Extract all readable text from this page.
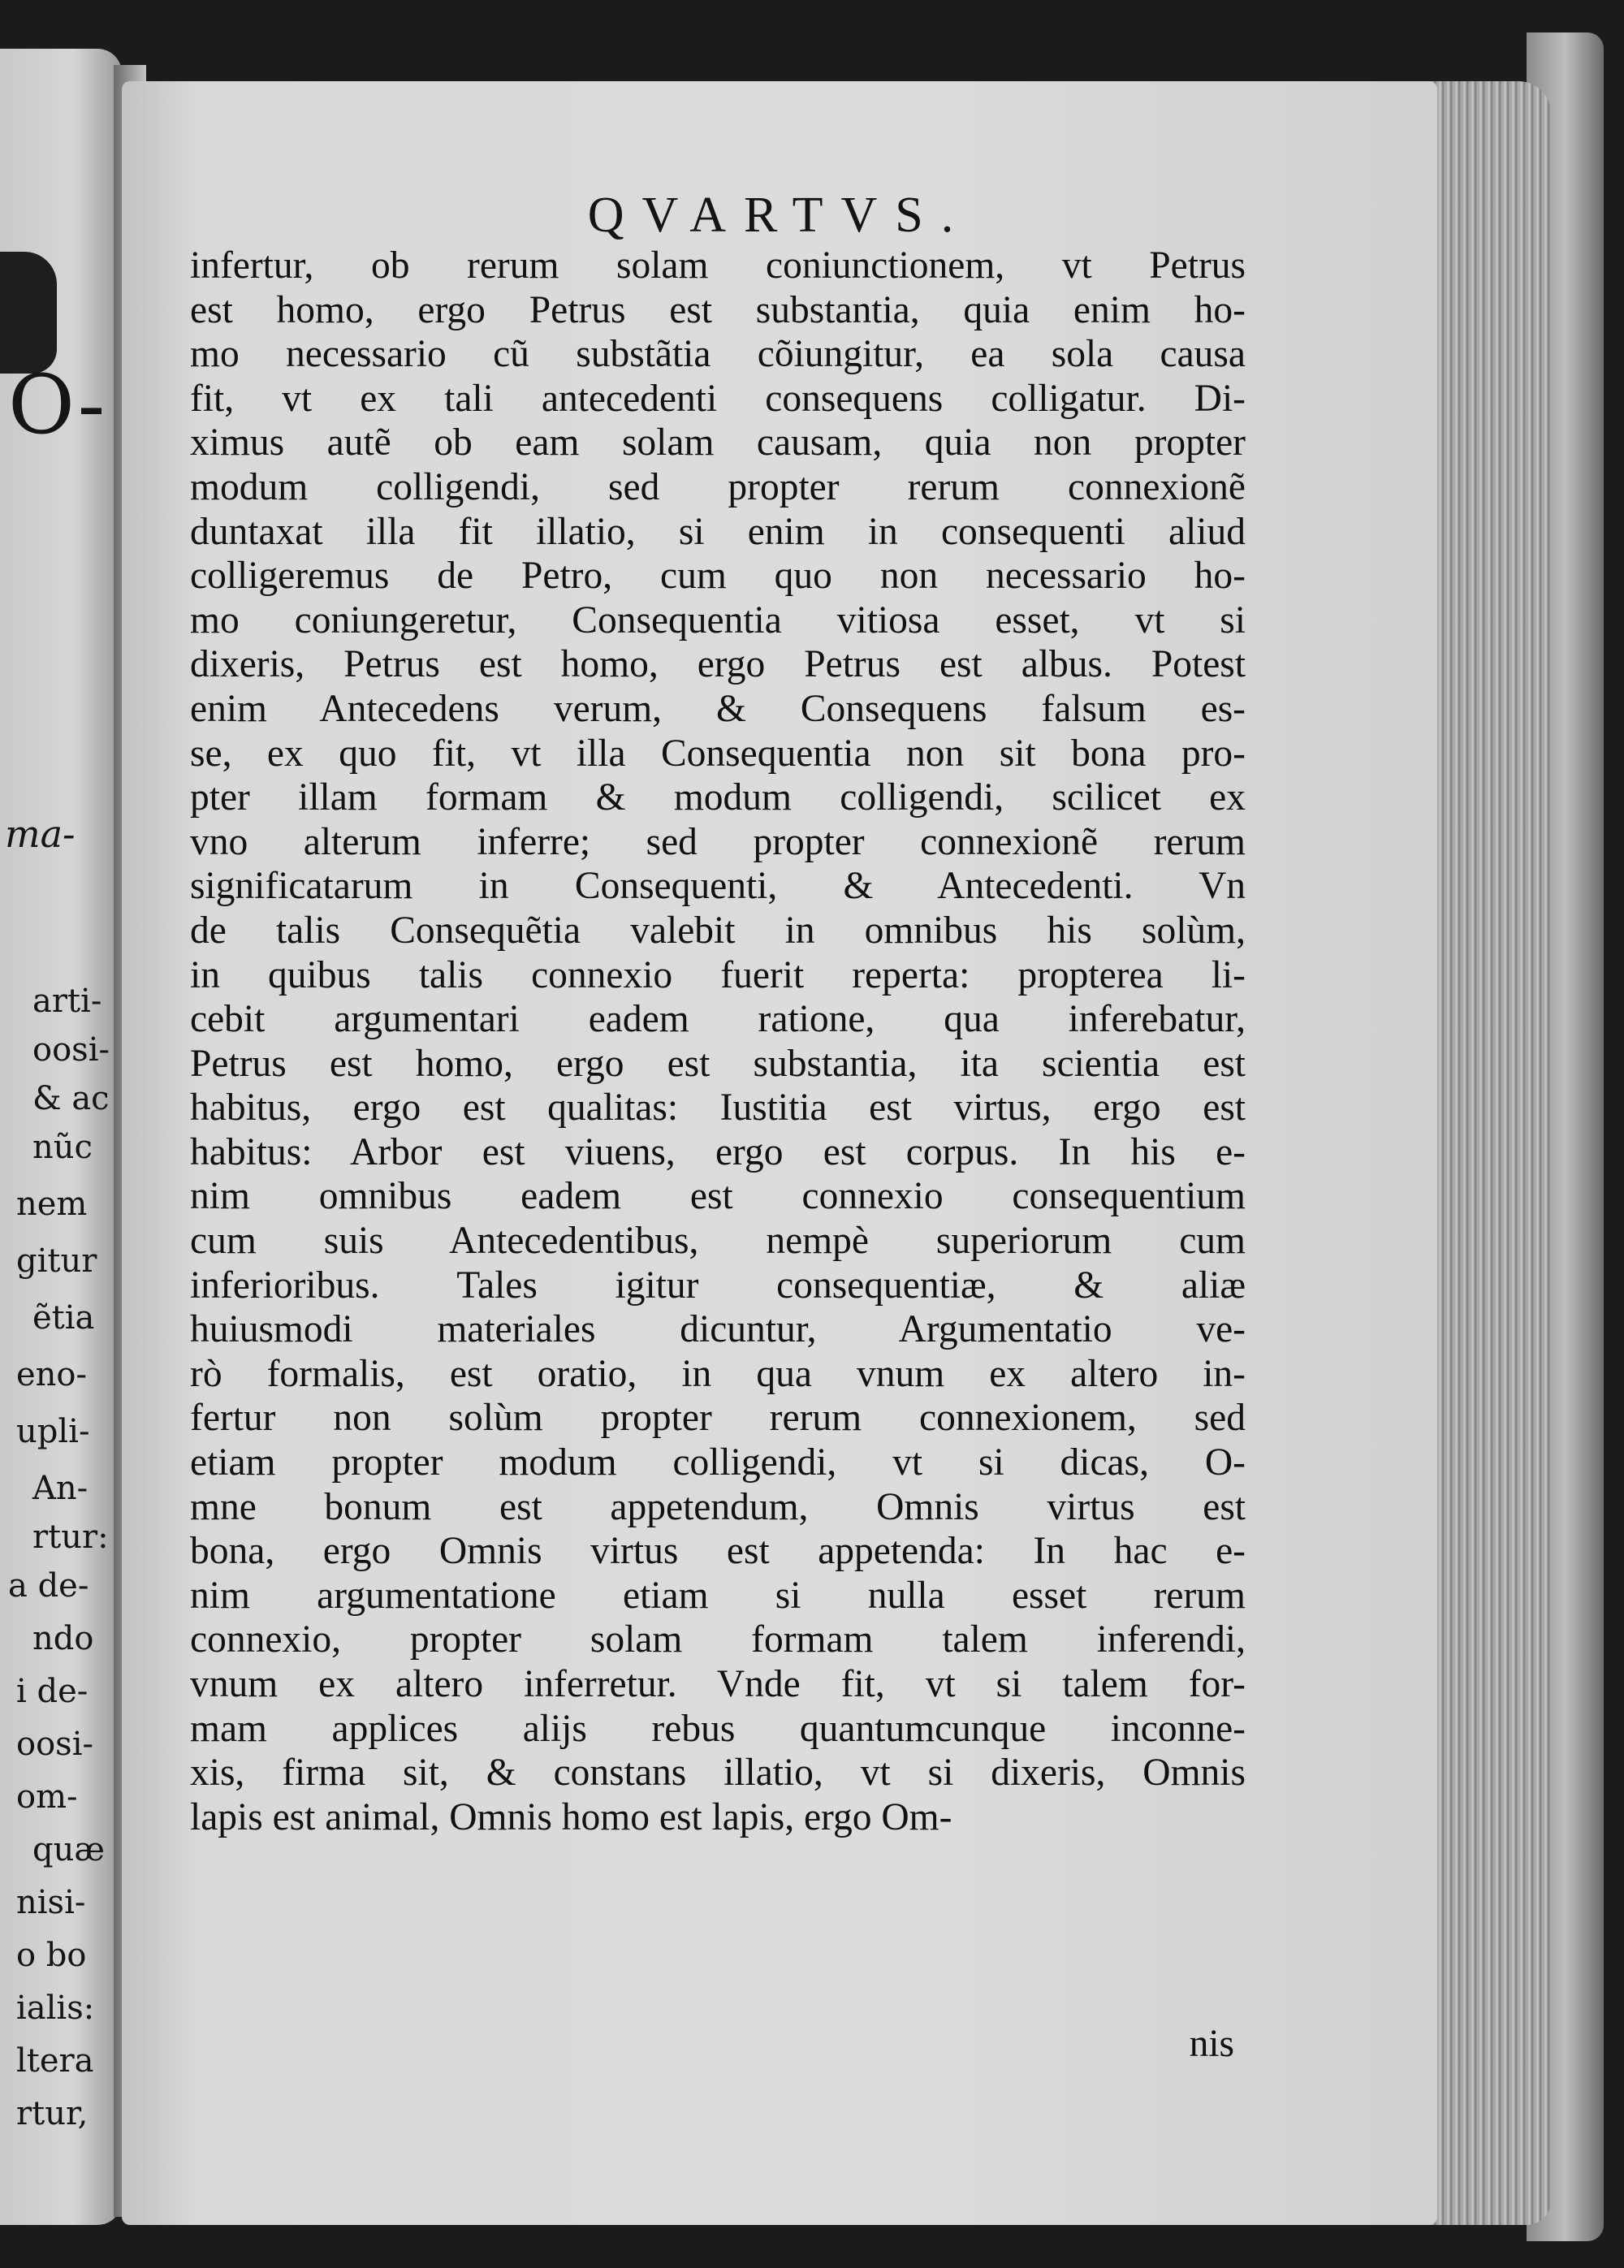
O-
ma-
arti-
oosi-
& ac
nũc
nem
gitur
ẽtia
eno-
upli-
An-
rtur:
a de-
ndo
i de-
oosi-
om-
quæ
nisi-
o bo
ialis:
ltera
rtur,
QVARTVS.
infertur, ob rerum solam coniunctionem, vt Petrus
est homo, ergo Petrus est substantia, quia enim ho-
mo necessario cũ substãtia cõiungitur, ea sola causa
fit, vt ex tali antecedenti consequens colligatur. Di-
ximus autẽ ob eam solam causam, quia non propter
modum colligendi, sed propter rerum connexionẽ
duntaxat illa fit illatio, si enim in consequenti aliud
colligeremus de Petro, cum quo non necessario ho-
mo coniungeretur, Consequentia vitiosa esset, vt si
dixeris, Petrus est homo, ergo Petrus est albus. Potest
enim Antecedens verum, & Consequens falsum es-
se, ex quo fit, vt illa Consequentia non sit bona pro-
pter illam formam & modum colligendi, scilicet ex
vno alterum inferre; sed propter connexionẽ rerum
significatarum in Consequenti, & Antecedenti. Vn
de talis Consequẽtia valebit in omnibus his solùm,
in quibus talis connexio fuerit reperta: propterea li-
cebit argumentari eadem ratione, qua inferebatur,
Petrus est homo, ergo est substantia, ita scientia est
habitus, ergo est qualitas: Iustitia est virtus, ergo est
habitus: Arbor est viuens, ergo est corpus. In his e-
nim omnibus eadem est connexio consequentium
cum suis Antecedentibus, nempè superiorum cum
inferioribus. Tales igitur consequentiæ, & aliæ
huiusmodi materiales dicuntur, Argumentatio ve-
rò formalis, est oratio, in qua vnum ex altero in-
fertur non solùm propter rerum connexionem, sed
etiam propter modum colligendi, vt si dicas, O-
mne bonum est appetendum, Omnis virtus est
bona, ergo Omnis virtus est appetenda: In hac e-
nim argumentatione etiam si nulla esset rerum
connexio, propter solam formam talem inferendi,
vnum ex altero inferretur. Vnde fit, vt si talem for-
mam applices alijs rebus quantumcunque inconne-
xis, firma sit, & constans illatio, vt si dixeris, Omnis
lapis est animal, Omnis homo est lapis, ergo Om-
nis
